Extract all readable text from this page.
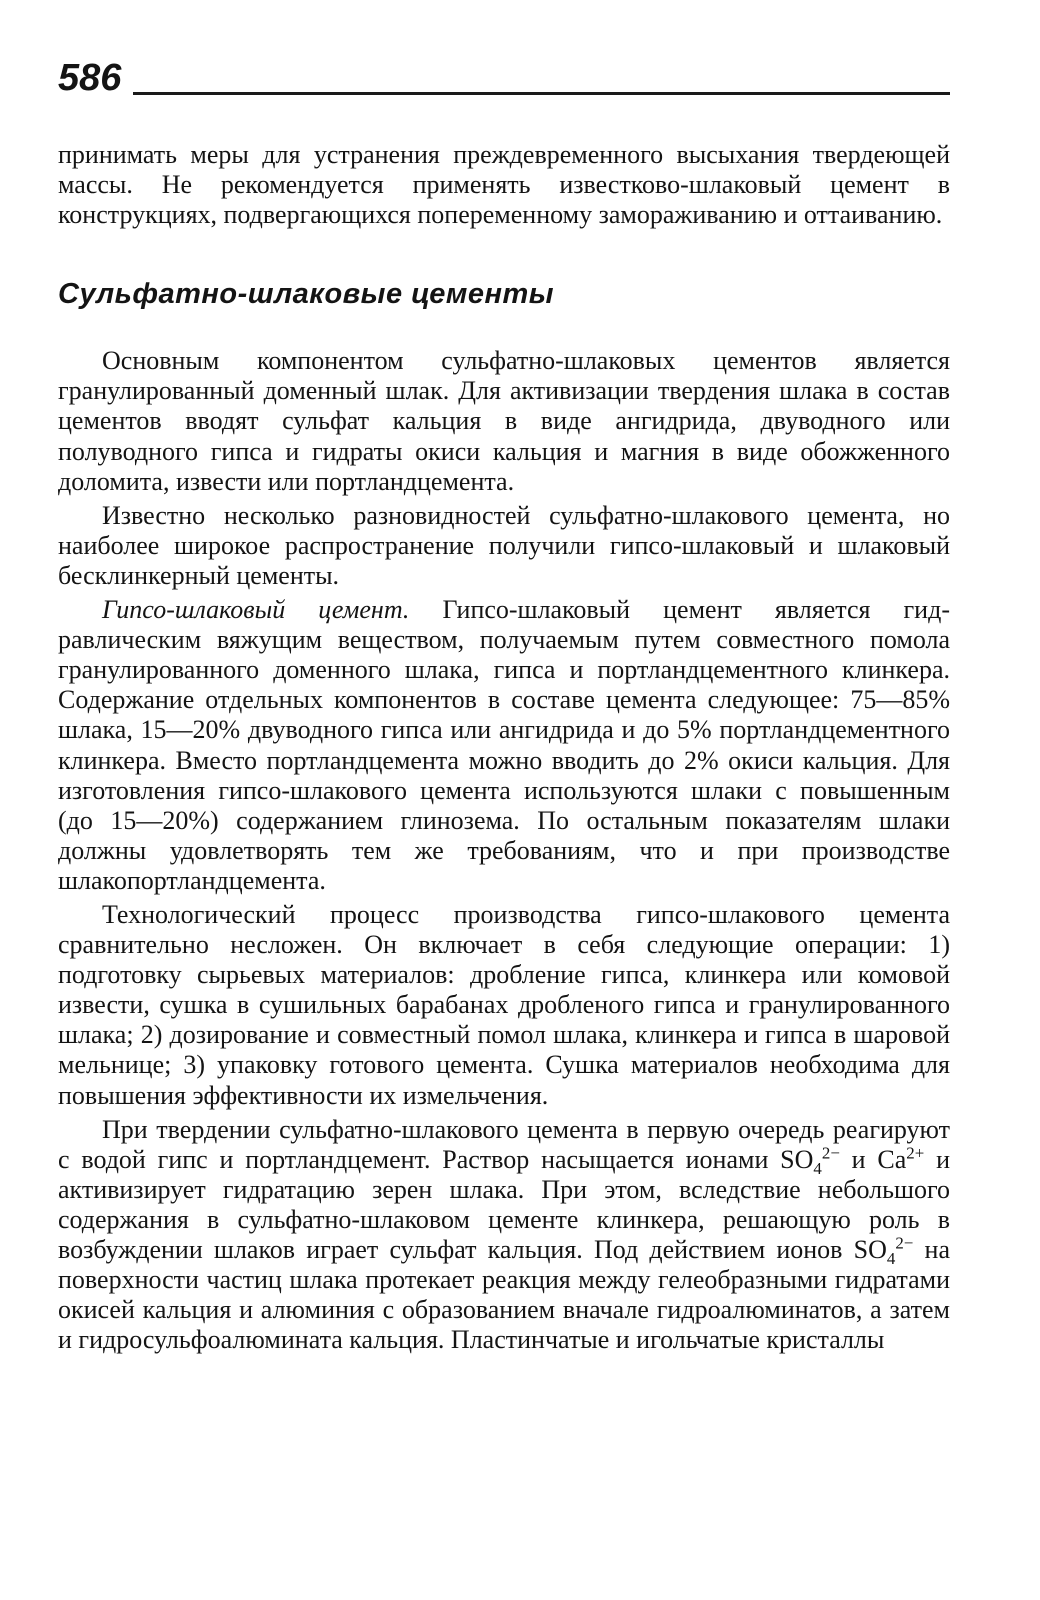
586

принимать меры для устранения преждевременного высыхания твердеющей массы. Не рекомендуется применять известково-шлаковый цемент в конструкциях, подвергающихся попеременному замораживанию и оттаиванию.

Сульфатно-шлаковые цементы

Основным компонентом сульфатно-шлаковых цементов является гранулированный доменный шлак. Для активизации твердения шлака в состав цементов вводят сульфат кальция в виде ангидрида, двуводного или полуводного гипса и гидраты окиси кальция и магния в виде обожженного доломита, извести или портландцемента.

Известно несколько разновидностей сульфатно-шлакового цемента, но наиболее широкое распространение получили гипсо-шлаковый и шлаковый бесклинкерный цементы.

Гипсо-шлаковый цемент. Гипсо-шлаковый цемент является гидравлическим вяжущим веществом, получаемым путем совместного помола гранулированного доменного шлака, гипса и портландцементного клинкера. Содержание отдельных компонентов в составе цемента следующее: 75—85% шлака, 15—20% двуводного гипса или ангидрида и до 5% портландцементного клинкера. Вместо портландцемента можно вводить до 2% окиси кальция. Для изготовления гипсо-шлакового цемента используются шлаки с повышенным (до 15—20%) содержанием глинозема. По остальным показателям шлаки должны удовлетворять тем же требованиям, что и при производстве шлакопортландцемента.

Технологический процесс производства гипсо-шлакового цемента сравнительно несложен. Он включает в себя следующие операции: 1) подготовку сырьевых материалов: дробление гипса, клинкера или комовой извести, сушка в сушильных барабанах дробленого гипса и гранулированного шлака; 2) дозирование и совместный помол шлака, клинкера и гипса в шаровой мельнице; 3) упаковку готового цемента. Сушка материалов необходима для повышения эффективности их измельчения.

При твердении сульфатно-шлакового цемента в первую очередь реагируют с водой гипс и портландцемент. Раствор насыщается ионами $SO_4^{2-}$ и $Ca^{2+}$ и активизирует гидратацию зерен шлака. При этом, вследствие небольшого содержания в сульфатно-шлаковом цементе клинкера, решающую роль в возбуждении шлаков играет сульфат кальция. Под действием ионов $SO_4^{2-}$ на поверхности частиц шлака протекает реакция между гелеобразными гидратами окисей кальция и алюминия с образованием вначале гидроалюминатов, а затем и гидросульфоалюмината кальция. Пластинчатые и игольчатые кристаллы
